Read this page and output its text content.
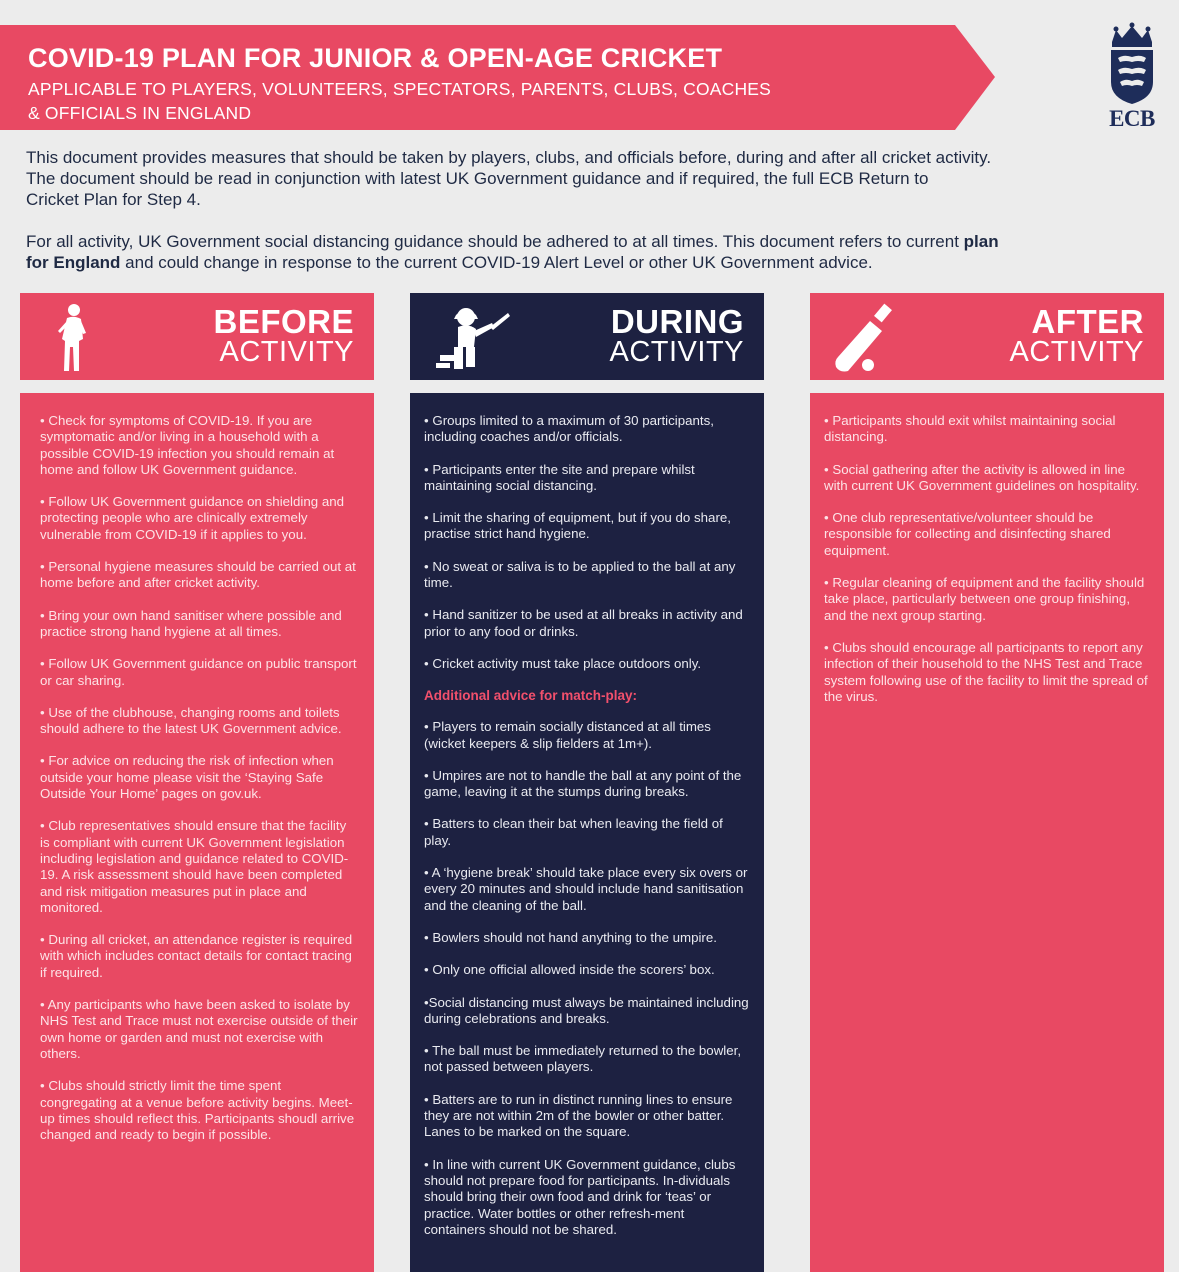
COVID-19 PLAN FOR JUNIOR & OPEN-AGE CRICKET
APPLICABLE TO PLAYERS, VOLUNTEERS, SPECTATORS, PARENTS, CLUBS, COACHES
& OFFICIALS IN ENGLAND	ECB

This document provides measures that should be taken by players, clubs, and officials before, during and after all cricket activity.
The document should be read in conjunction with latest UK Government guidance and if required, the full ECB Return to
Cricket Plan for Step 4.

For all activity, UK Government social distancing guidance should be adhered to at all times. This document refers to current plan
for England and could change in response to the current COVID-19 Alert Level or other UK Government advice.

BEFORE
ACTIVITY
DURING
ACTIVITY
AFTER
ACTIVITY
• Check for symptoms of COVID-19. If you are symptomatic and/or living in a household with a possible COVID-19 infection you should remain at home and follow UK Government guidance.
• Follow UK Government guidance on shielding and protecting people who are clinically extremely vulnerable from COVID-19 if it applies to you.
• Personal hygiene measures should be carried out at home before and after cricket activity.
• Bring your own hand sanitiser where possible and practice strong hand hygiene at all times.
• Follow UK Government guidance on public transport or car sharing.
• Use of the clubhouse, changing rooms and toilets should adhere to the latest UK Government advice.
• For advice on reducing the risk of infection when outside your home please visit the ‘Staying Safe Outside Your Home’ pages on gov.uk.
• Club representatives should ensure that the facility is compliant with current UK Government legislation including legislation and guidance related to COVID-19. A risk assessment should have been completed and risk mitigation measures put in place and monitored.
• During all cricket, an attendance register is required with which includes contact details for contact tracing if required.
• Any participants who have been asked to isolate by NHS Test and Trace must not exercise outside of their own home or garden and must not exercise with others.
• Clubs should strictly limit the time spent congregating at a venue before activity begins. Meet-up times should reflect this. Participants shoudl arrive changed and ready to begin if possible.
• Groups limited to a maximum of 30 participants, including coaches and/or officials.
• Participants enter the site and prepare whilst maintaining social distancing.
• Limit the sharing of equipment, but if you do share, practise strict hand hygiene.
• No sweat or saliva is to be applied to the ball at any time.
• Hand sanitizer to be used at all breaks in activity and prior to any food or drinks.
• Cricket activity must take place outdoors only.
Additional advice for match-play:
• Players to remain socially distanced at all times (wicket keepers & slip fielders at 1m+).
• Umpires are not to handle the ball at any point of the game, leaving it at the stumps during breaks.
• Batters to clean their bat when leaving the field of play.
• A ‘hygiene break’ should take place every six overs or every 20 minutes and should include hand sanitisation and the cleaning of the ball.
• Bowlers should not hand anything to the umpire.
• Only one official allowed inside the scorers’ box.
•Social distancing must always be maintained including during celebrations and breaks.
• The ball must be immediately returned to the bowler, not passed between players.
• Batters are to run in distinct running lines to ensure they are not within 2m of the bowler or other batter. Lanes to be marked on the square.
• In line with current UK Government guidance, clubs should not prepare food for participants. In-dividuals should bring their own food and drink for ‘teas’ or practice. Water bottles or other refresh-ment containers should not be shared.
• Participants should exit whilst maintaining social distancing.
• Social gathering after the activity is allowed in line with current UK Government guidelines on hospitality.
• One club representative/volunteer should be responsible for collecting and disinfecting shared equipment.
• Regular cleaning of equipment and the facility should take place, particularly between one group finishing, and the next group starting.
• Clubs should encourage all participants to report any infection of their household to the NHS Test and Trace system following use of the facility to limit the spread of the virus.
